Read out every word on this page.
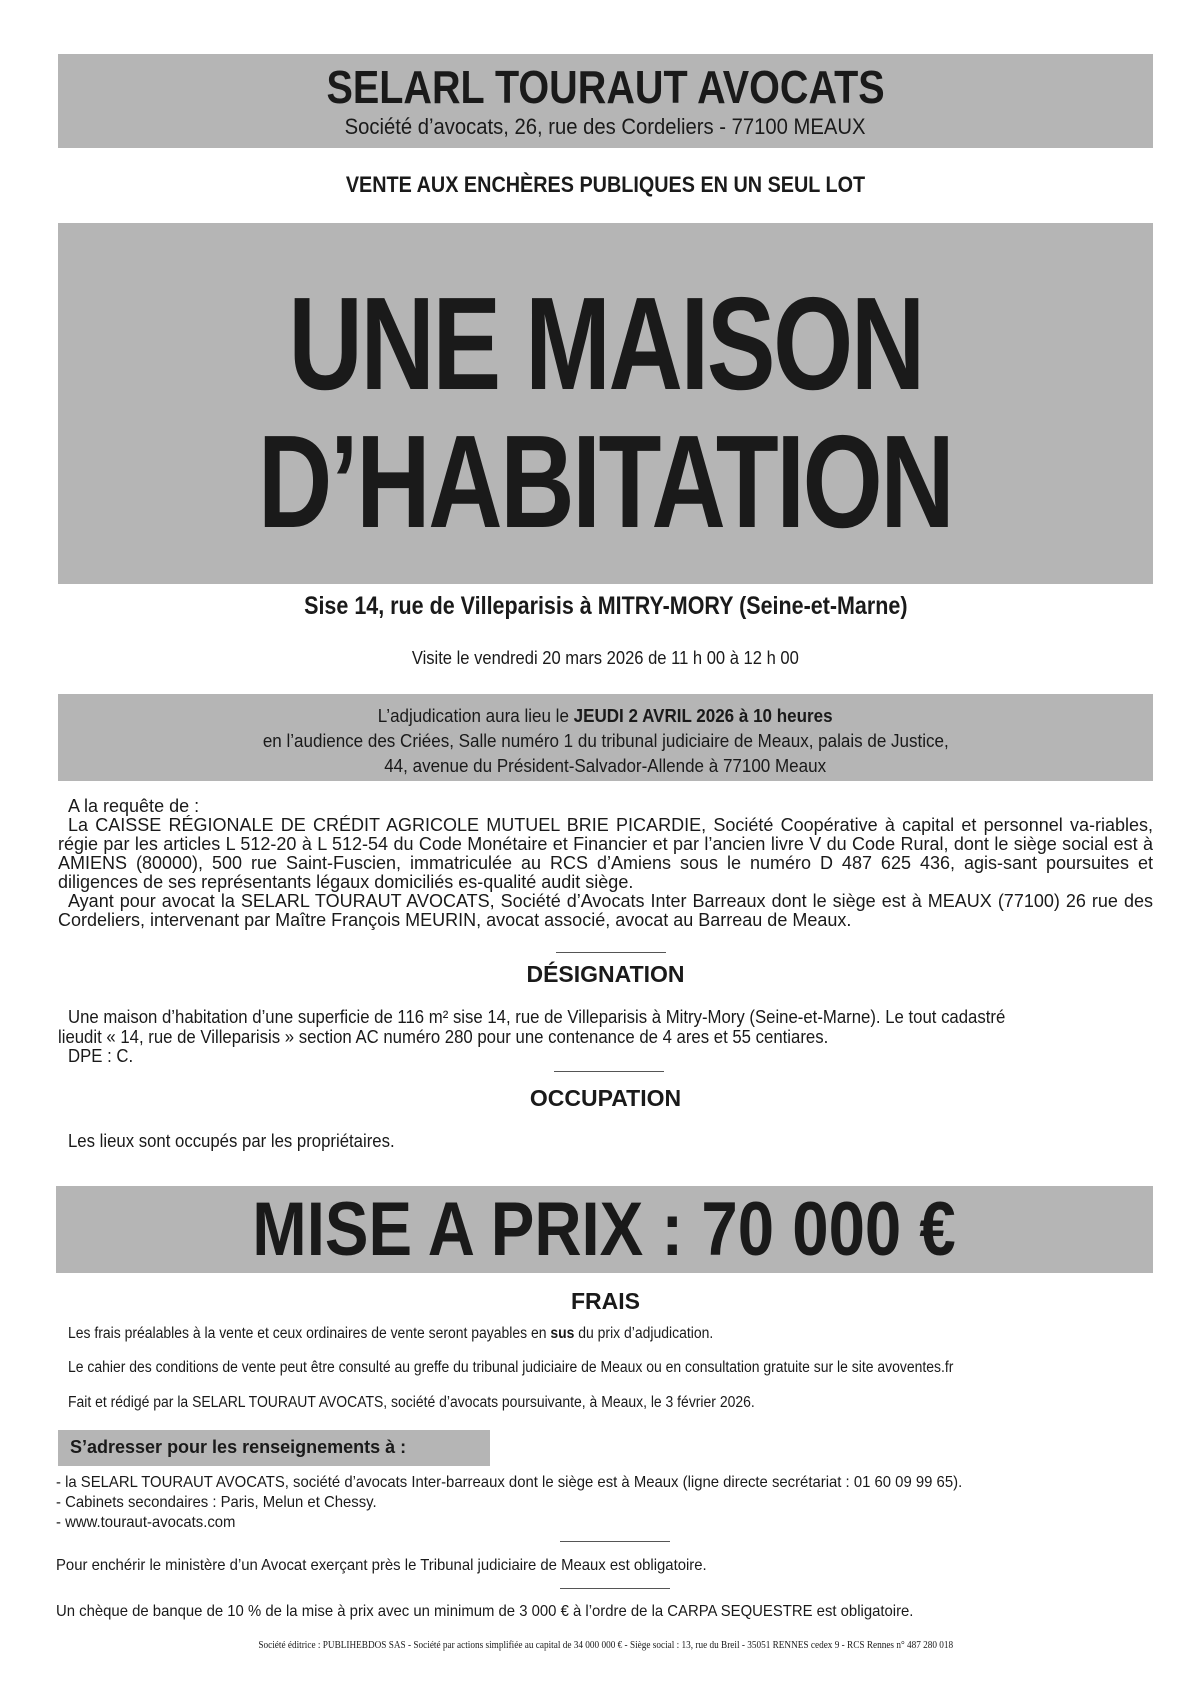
SELARL TOURAUT AVOCATS
Société d’avocats, 26, rue des Cordeliers - 77100 MEAUX
VENTE AUX ENCHÈRES PUBLIQUES EN UN SEUL LOT
UNE MAISON
D’HABITATION
Sise 14, rue de Villeparisis à MITRY-MORY (Seine-et-Marne)
Visite le vendredi 20 mars 2026 de 11 h 00 à 12 h 00
L’adjudication aura lieu le JEUDI 2 AVRIL 2026 à 10 heures
en l’audience des Criées, Salle numéro 1 du tribunal judiciaire de Meaux, palais de Justice,
44, avenue du Président-Salvador-Allende à 77100 Meaux

A la requête de :

La CAISSE RÉGIONALE DE CRÉDIT AGRICOLE MUTUEL BRIE PICARDIE, Société Coopérative à capital et personnel va-riables, régie par les articles L 512-20 à L 512-54 du Code Monétaire et Financier et par l’ancien livre V du Code Rural, dont le siège social est à AMIENS (80000), 500 rue Saint-Fuscien, immatriculée au RCS d’Amiens sous le numéro D 487 625 436, agis-sant poursuites et diligences de ses représentants légaux domiciliés es-qualité audit siège.

Ayant pour avocat la SELARL TOURAUT AVOCATS, Société d’Avocats Inter Barreaux dont le siège est à MEAUX (77100) 26 rue des Cordeliers, intervenant par Maître François MEURIN, avocat associé, avocat au Barreau de Meaux.

DÉSIGNATION

Une maison d’habitation d’une superficie de 116 m² sise 14, rue de Villeparisis à Mitry-Mory (Seine-et-Marne). Le tout cadastré

lieudit « 14, rue de Villeparisis » section AC numéro 280 pour une contenance de 4 ares et 55 centiares.

DPE : C.

OCCUPATION
Les lieux sont occupés par les propriétaires.
MISE A PRIX : 70 000 €
FRAIS
Les frais préalables à la vente et ceux ordinaires de vente seront payables en sus du prix d’adjudication.
Le cahier des conditions de vente peut être consulté au greffe du tribunal judiciaire de Meaux ou en consultation gratuite sur le site avoventes.fr
Fait et rédigé par la SELARL TOURAUT AVOCATS, société d’avocats poursuivante, à Meaux, le 3 février 2026.
S’adresser pour les renseignements à :
- la SELARL TOURAUT AVOCATS, société d’avocats Inter-barreaux dont le siège est à Meaux (ligne directe secrétariat : 01 60 09 99 65).
- Cabinets secondaires : Paris, Melun et Chessy.
- www.touraut-avocats.com
Pour enchérir le ministère d’un Avocat exerçant près le Tribunal judiciaire de Meaux est obligatoire.
Un chèque de banque de 10 % de la mise à prix avec un minimum de 3 000 € à l’ordre de la CARPA SEQUESTRE est obligatoire.
Société éditrice : PUBLIHEBDOS SAS - Société par actions simplifiée au capital de 34 000 000 € - Siège social : 13, rue du Breil - 35051 RENNES cedex 9 - RCS Rennes n° 487 280 018
